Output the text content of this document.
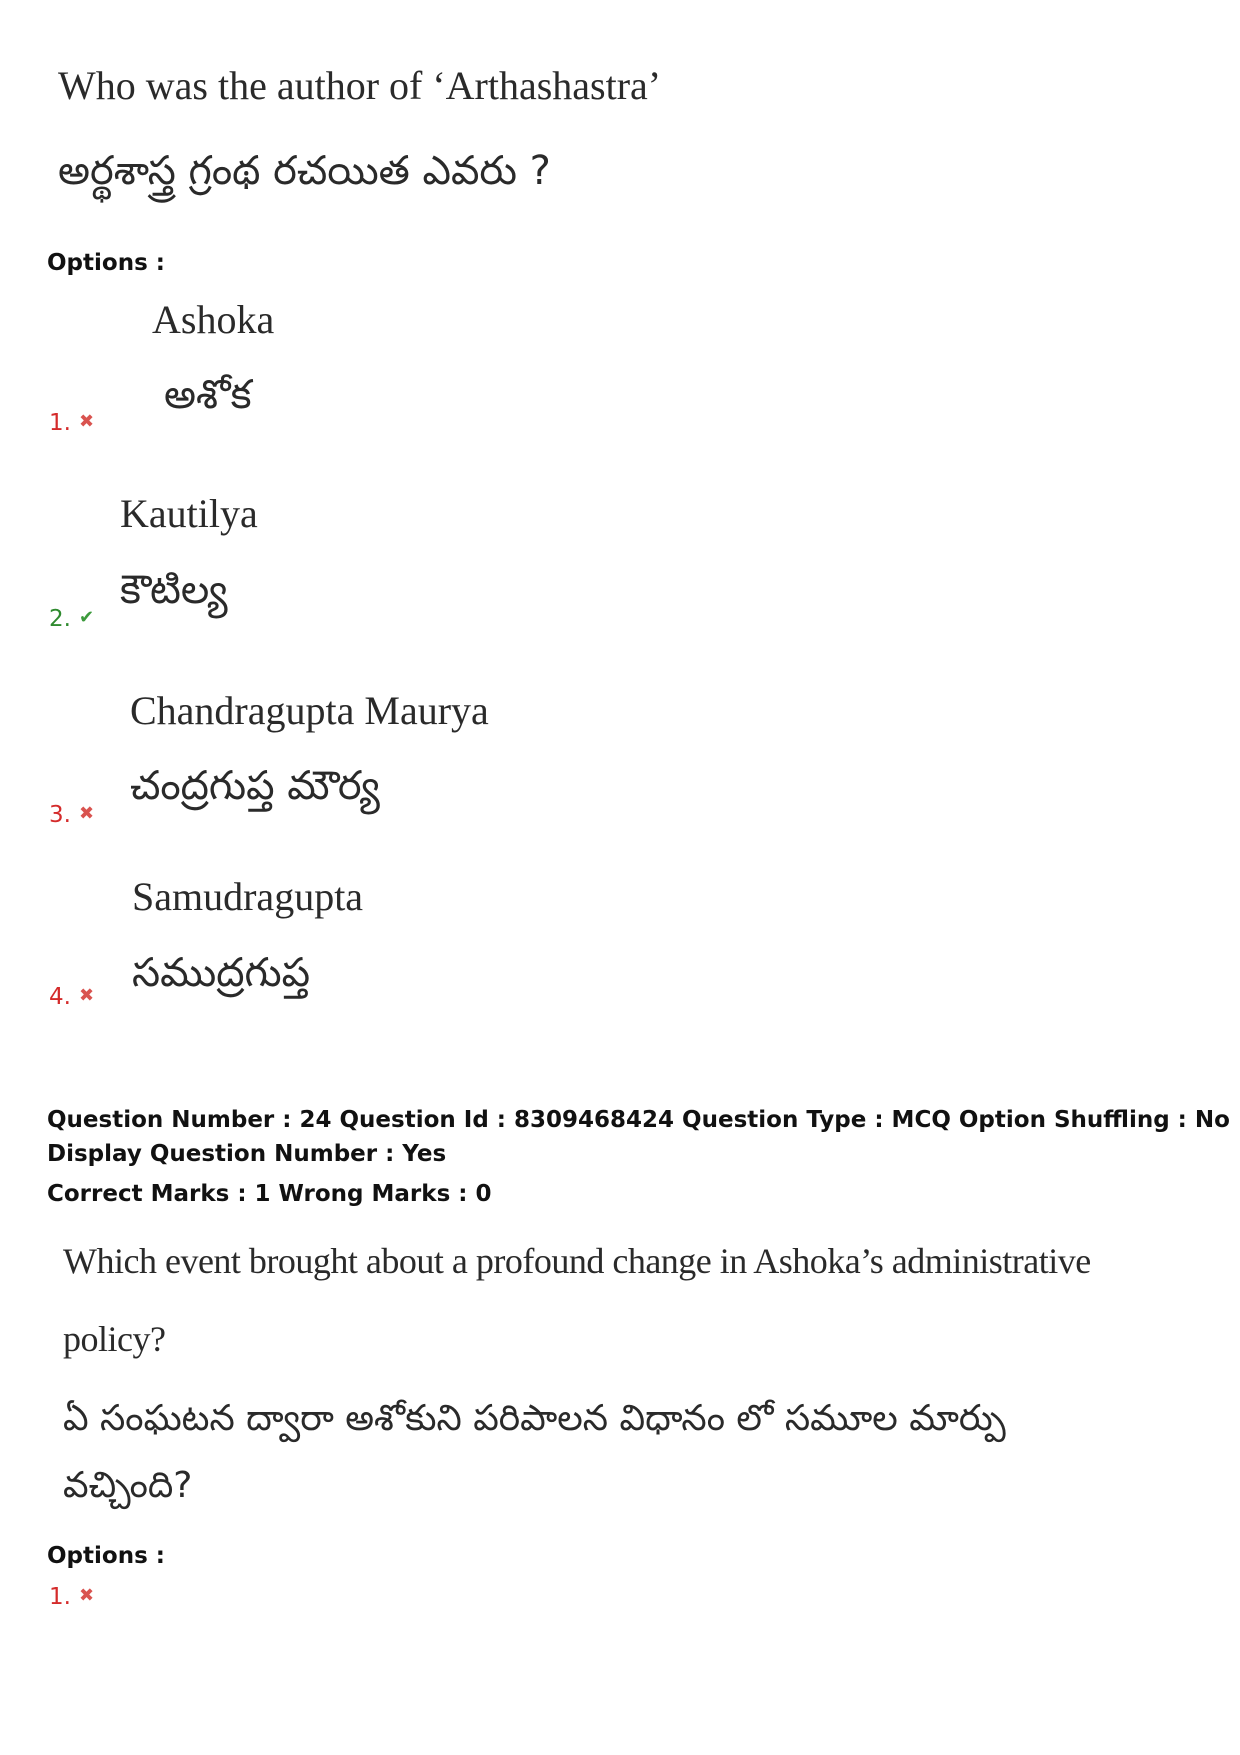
Who was the author of ‘Arthashastra’
అర్థశాస్త్ర గ్రంథ రచయిత ఎవరు ?
Options :
Ashoka
అశోక
1. ✖
Kautilya
కౌటిల్య
2. ✔
Chandragupta Maurya
చంద్రగుప్త మౌర్య
3. ✖
Samudragupta
సముద్రగుప్త
4. ✖
Question Number : 24 Question Id : 8309468424 Question Type : MCQ Option Shuffling : No
Display Question Number : Yes
Correct Marks : 1 Wrong Marks : 0
Which event brought about a profound change in Ashoka’s administrative
policy?
ఏ సంఘటన ద్వారా అశోకుని పరిపాలన విధానం లో సమూల మార్పు
వచ్చింది?
Options :
1. ✖
